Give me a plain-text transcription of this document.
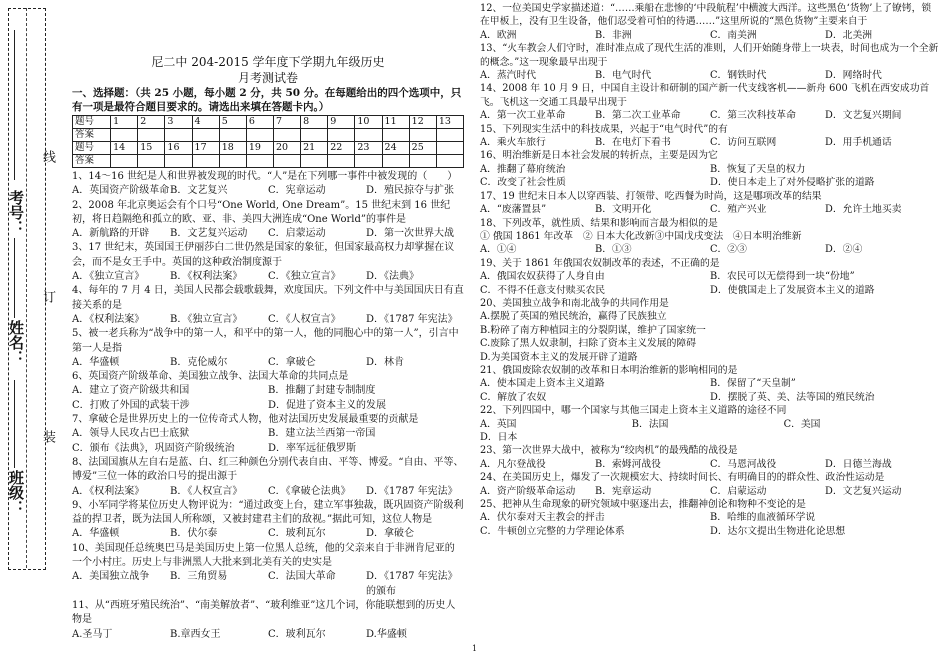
考号：
姓名：
班级：
线
订
装
尼二中 204-2015 学年度下学期九年级历史
月考测试卷
一、选择题：（共 25 小题，每小题 2 分，共 50 分。在每题给出的四个选项中，只有一项是最符合题目要求的。请选出来填在答题卡内。）
题号	1	2	3	4	5	6	7	8	9	10	11	12	13
答案													
题号	14	15	16	17	18	19	20	21	22	23	24	25	
答案													
1、14～16 世纪是人和世界被发现的时代。“人”是在下列哪一事件中被发现的（　　）
A．英国资产阶级革命 B．文艺复兴	C．宪章运动	D．殖民掠夺与扩张
2、2008 年北京奥运会有个口号“One World, One Dream”。15 世纪末到 16 世纪初，将日趋隔绝和孤立的欧、亚、非、美四大洲连成“One World”的事件是
A．新航路的开辟	B．文艺复兴运动	C．启蒙运动	D．第一次世界大战
3、17 世纪末，英国国王伊丽莎白二世仍然是国家的象征，但国家最高权力却掌握在议会，而不是女王手中。英国的这种政治制度源于
A．《独立宣言》	B．《权利法案》	C．《独立宣言》	D．《法典》
4、每年的 7 月 4 日，美国人民都会载歌载舞，欢度国庆。下列文件中与美国国庆日有直接关系的是
A．《权利法案》	B．《独立宣言》	C．《人权宣言》	D．《1787 年宪法》
5、被一老兵称为“战争中的第一人，和平中的第一人，他的同胞心中的第一人”，引言中第一人是指
A．华盛顿	B．克伦威尔	C．拿破仑	D．林肯
6、英国资产阶级革命、美国独立战争、法国大革命的共同点是
A．建立了资产阶级共和国	B．推翻了封建专制制度
C．打败了外国的武装干涉	D．促进了资本主义的发展
7、拿破仑是世界历史上的一位传奇式人物，他对法国历史发展最重要的贡献是
A．领导人民攻占巴士底狱	B．建立法兰西第一帝国
C．颁布《法典》，巩固资产阶级统治	D．率军远征俄罗斯
8、法国国旗从左自右是蓝、白、红三种颜色分别代表自由、平等、博爱。“自由、平等、博爱”三位一体的政治口号的提出源于
A．《权利法案》	B．《人权宣言》	C．《拿破仑法典》	D．《1787 年宪法》
9、小军同学将某位历史人物评说为：“通过政变上台，建立军事独裁，既巩固资产阶级利益的捍卫者，既为法国人所称颂，又被封建君主们的敌视。”据此可知，这位人物是
A．华盛顿	B．伏尔泰	C．玻利瓦尔	D．拿破仑
10、美国现任总统奥巴马是美国历史上第一位黑人总统，他的父亲来自于非洲肯尼亚的一个小村庄。历史上与非洲黑人大批来到北美有关的史实是
A．美国独立战争	B．三角贸易	C．法国大革命	D．《1787 年宪法》的颁布
11、从“西班牙殖民统治”、“南美解放者”、“玻利维亚”这几个词，你能联想到的历史人物是
A.圣马丁	B.章西女王	C．玻利瓦尔	D.华盛顿
12、一位美国史学家描述道：“……乘船在悲惨的‘中段航程’中横渡大西洋。这些黑色‘货物’上了镣铐，锁在甲板上，没有卫生设备，他们忍受着可怕的待遇……”这里所说的“黑色货物”主要来自于
A．欧洲	B．非洲	C．南美洲	D．北美洲
13、“火车教会人们守时，准时准点成了现代生活的准则，人们开始随身带上一块表，时间也成为一个全新的概念。”这一现象最早出现于
A．蒸汽时代	B．电气时代	C．钢铁时代	D．网络时代
14、2008 年 10 月 9 日，中国自主设计和研制的国产新一代支线客机——新舟 600 飞机在西安成功首飞。飞机这一交通工具最早出现于
A．第一次工业革命	B．第二次工业革命	C．第三次科技革命	D．文艺复兴期间
15、下列现实生活中的科技成果，兴起于“电气时代”的有
A．乘火车旅行	B．在电灯下看书	C．访问互联网	D．用手机通话
16、明治维新是日本社会发展的转折点，主要是因为它
A．推翻了幕府统治	B．恢复了天皇的权力
C．改变了社会性质	D．使日本走上了对外侵略扩张的道路
17、19 世纪末日本人以穿西装、打领带、吃西餐为时尚，这是哪项改革的结果
A．“废藩置县”	B．文明开化	C．殖产兴业	D．允许土地买卖
18、下列改革，就性质、结果和影响而言最为相似的是
① 俄国 1861 年改革　② 日本大化改新③中国戊戌变法　④日本明治维新
A．①④	B．①③	C．②③	D．②④
19、关于 1861 年俄国农奴制改革的表述，不正确的是
A．俄国农奴获得了人身自由	B．农民可以无偿得到一块“份地”
C．不得不任意支付赎买农民	D．使俄国走上了发展资本主义的道路
20、美国独立战争和南北战争的共同作用是
A.摆脱了英国的殖民统治，赢得了民族独立
B.粉碎了南方种植园主的分裂阴谋，维护了国家统一
C.废除了黑人奴隶制，扫除了资本主义发展的障碍
D.为美国资本主义的发展开辟了道路
21、俄国废除农奴制的改革和日本明治维新的影响相同的是
A．使本国走上资本主义道路	B．保留了“天皇制”
C．解放了农奴	D．摆脱了英、美、法等国的殖民统治
22、下列四国中，哪一个国家与其他三国走上资本主义道路的途径不同
A．英国	B．法国	C．美国
D．日本
23、第一次世界大战中，被称为“绞肉机”的最残酷的战役是
A．凡尔登战役	B．索姆河战役	C．马恩河战役	D．日德兰海战
24、在美国历史上，爆发了一次规模宏大、持续时间长、有明确目的的群众性、政治性运动是
A．资产阶级革命运动	B．宪章运动	C．启蒙运动	D．文艺复兴运动
25、把神从生命现象的研究领域中驱逐出去，推翻神创论和物种不变论的是
A．伏尔泰对天主教会的抨击	B．哈维的血液循环学说
C．牛顿创立完整的力学理论体系	D．达尔文提出生物进化论思想
1
